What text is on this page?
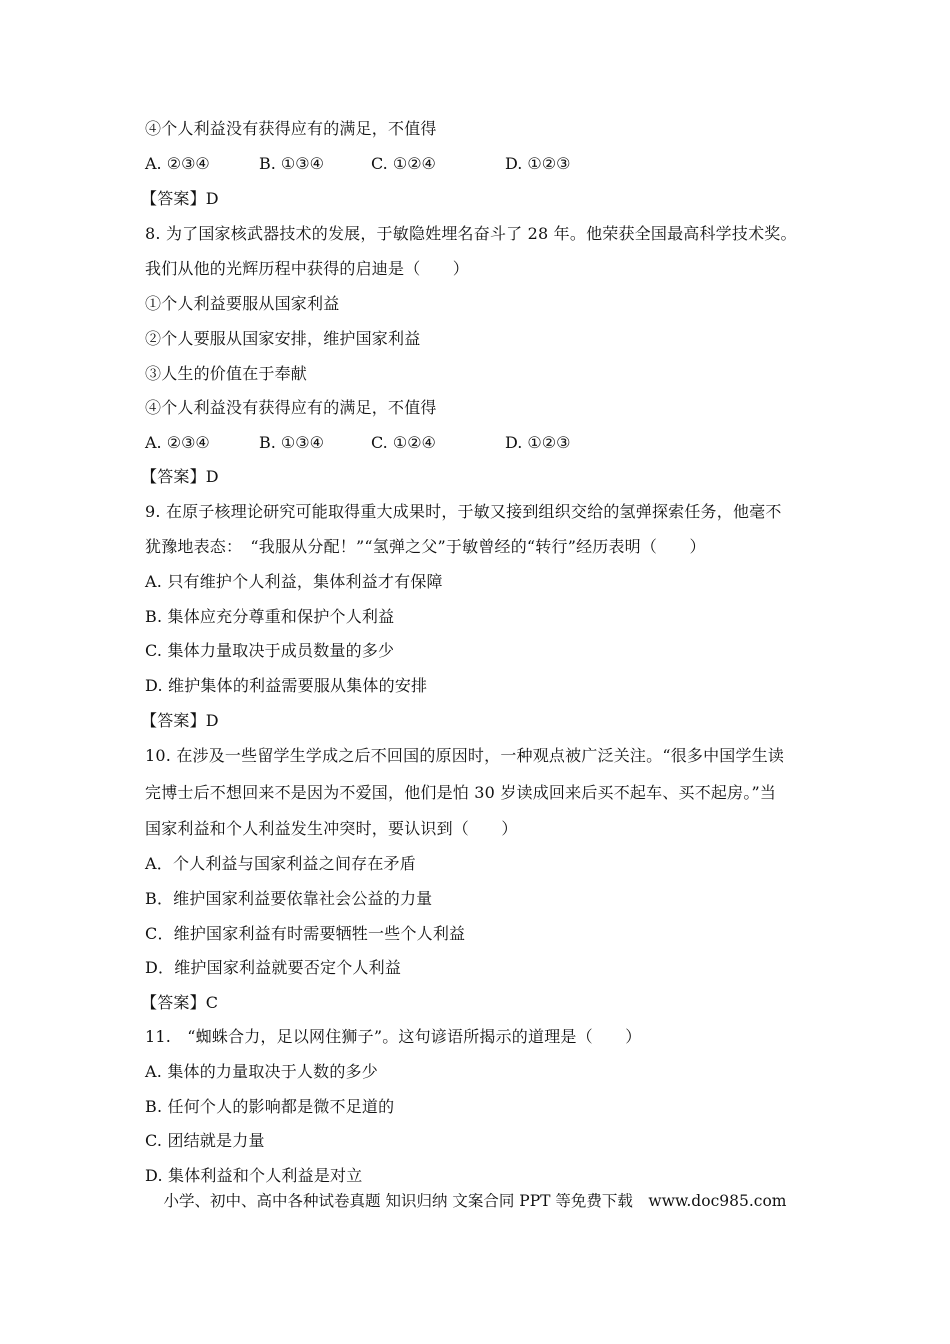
④个人利益没有获得应有的满足，不值得
A. ②③④	B. ①③④	C. ①②④	D. ①②③
【答案】D
8. 为了国家核武器技术的发展，于敏隐姓埋名奋斗了 28 年。他荣获全国最高科学技术奖。
我们从他的光辉历程中获得的启迪是（　　）
①个人利益要服从国家利益
②个人要服从国家安排，维护国家利益
③人生的价值在于奉献
④个人利益没有获得应有的满足，不值得
A. ②③④	B. ①③④	C. ①②④	D. ①②③
【答案】D
9. 在原子核理论研究可能取得重大成果时，于敏又接到组织交给的氢弹探索任务，他毫不
犹豫地表态：　“我服从分配！”“氢弹之父”于敏曾经的“转行”经历表明（　　）
A. 只有维护个人利益，集体利益才有保障
B. 集体应充分尊重和保护个人利益
C. 集体力量取决于成员数量的多少
D. 维护集体的利益需要服从集体的安排
【答案】D
10. 在涉及一些留学生学成之后不回国的原因时，一种观点被广泛关注。“很多中国学生读
完博士后不想回来不是因为不爱国，他们是怕 30 岁读成回来后买不起车、买不起房。”当
国家利益和个人利益发生冲突时，要认识到（　　）
A．个人利益与国家利益之间存在矛盾
B．维护国家利益要依靠社会公益的力量
C．维护国家利益有时需要牺牲一些个人利益
D．维护国家利益就要否定个人利益
【答案】C
11.　“蜘蛛合力，足以网住狮子”。这句谚语所揭示的道理是（　　）
A. 集体的力量取决于人数的多少
B. 任何个人的影响都是微不足道的
C. 团结就是力量
D. 集体利益和个人利益是对立
小学、初中、高中各种试卷真题 知识归纳 文案合同 PPT 等免费下载　www.doc985.com
